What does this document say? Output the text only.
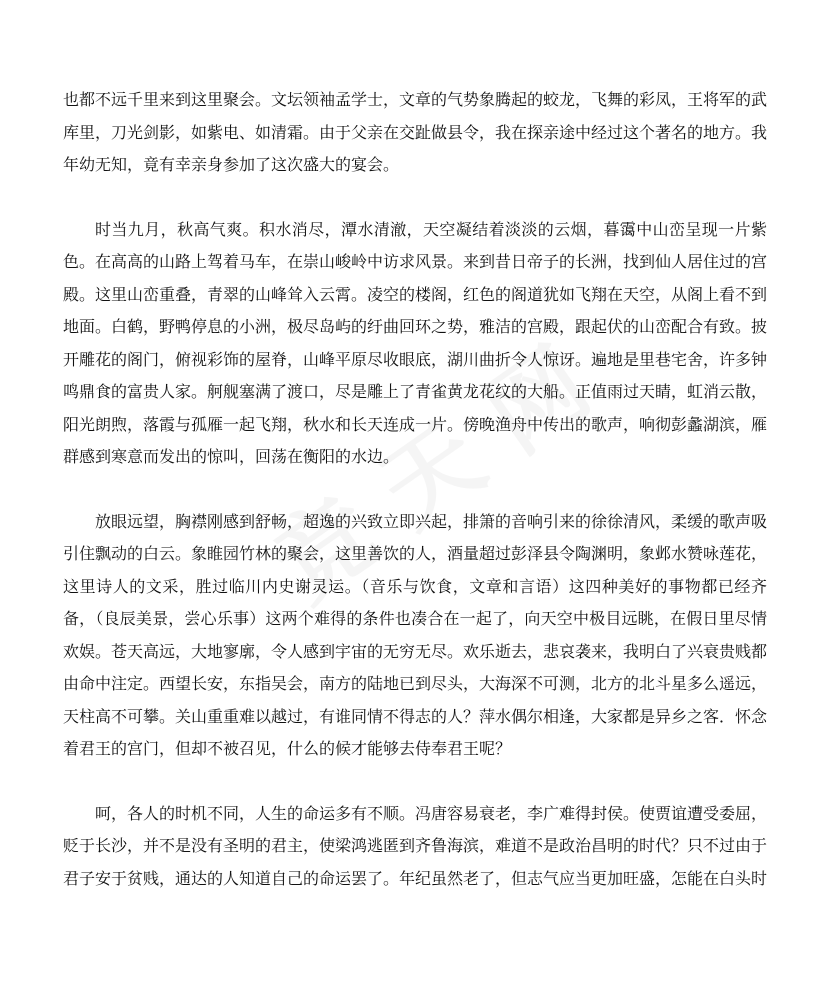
也都不远千里来到这里聚会。文坛领袖孟学士，文章的气势象腾起的蛟龙，飞舞的彩凤，王将军的武库里，刀光剑影，如紫电、如清霜。由于父亲在交趾做县令，我在探亲途中经过这个著名的地方。我年幼无知，竟有幸亲身参加了这次盛大的宴会。

时当九月，秋高气爽。积水消尽，潭水清澈，天空凝结着淡淡的云烟，暮霭中山峦呈现一片紫色。在高高的山路上驾着马车，在崇山峻岭中访求风景。来到昔日帝子的长洲，找到仙人居住过的宫殿。这里山峦重叠，青翠的山峰耸入云霄。凌空的楼阁，红色的阁道犹如飞翔在天空，从阁上看不到地面。白鹤，野鸭停息的小洲，极尽岛屿的纡曲回环之势，雅洁的宫殿，跟起伏的山峦配合有致。披开雕花的阁门，俯视彩饰的屋脊，山峰平原尽收眼底，湖川曲折令人惊讶。遍地是里巷宅舍，许多钟鸣鼎食的富贵人家。舸舰塞满了渡口，尽是雕上了青雀黄龙花纹的大船。正值雨过天睛，虹消云散，阳光朗煦，落霞与孤雁一起飞翔，秋水和长天连成一片。傍晚渔舟中传出的歌声，响彻彭蠡湖滨，雁群感到寒意而发出的惊叫，回荡在衡阳的水边。

放眼远望，胸襟刚感到舒畅，超逸的兴致立即兴起，排箫的音响引来的徐徐清风，柔缓的歌声吸引住飘动的白云。象睢园竹林的聚会，这里善饮的人，酒量超过彭泽县令陶渊明，象邺水赞咏莲花，这里诗人的文采，胜过临川内史谢灵运。（音乐与饮食，文章和言语）这四种美好的事物都已经齐备，（良辰美景，尝心乐事）这两个难得的条件也凑合在一起了，向天空中极目远眺，在假日里尽情欢娱。苍天高远，大地寥廓，令人感到宇宙的无穷无尽。欢乐逝去，悲哀袭来，我明白了兴衰贵贱都由命中注定。西望长安，东指吴会，南方的陆地已到尽头，大海深不可测，北方的北斗星多么遥远，天柱高不可攀。关山重重难以越过，有谁同情不得志的人？萍水偶尔相逢，大家都是异乡之客．怀念着君王的宫门，但却不被召见，什么的候才能够去侍奉君王呢？

呵，各人的时机不同，人生的命运多有不顺。冯唐容易衰老，李广难得封侯。使贾谊遭受委屈，贬于长沙，并不是没有圣明的君主，使梁鸿逃匿到齐鲁海滨，难道不是政治昌明的时代？只不过由于君子安于贫贱，通达的人知道自己的命运罢了。年纪虽然老了，但志气应当更加旺盛，怎能在白头时
